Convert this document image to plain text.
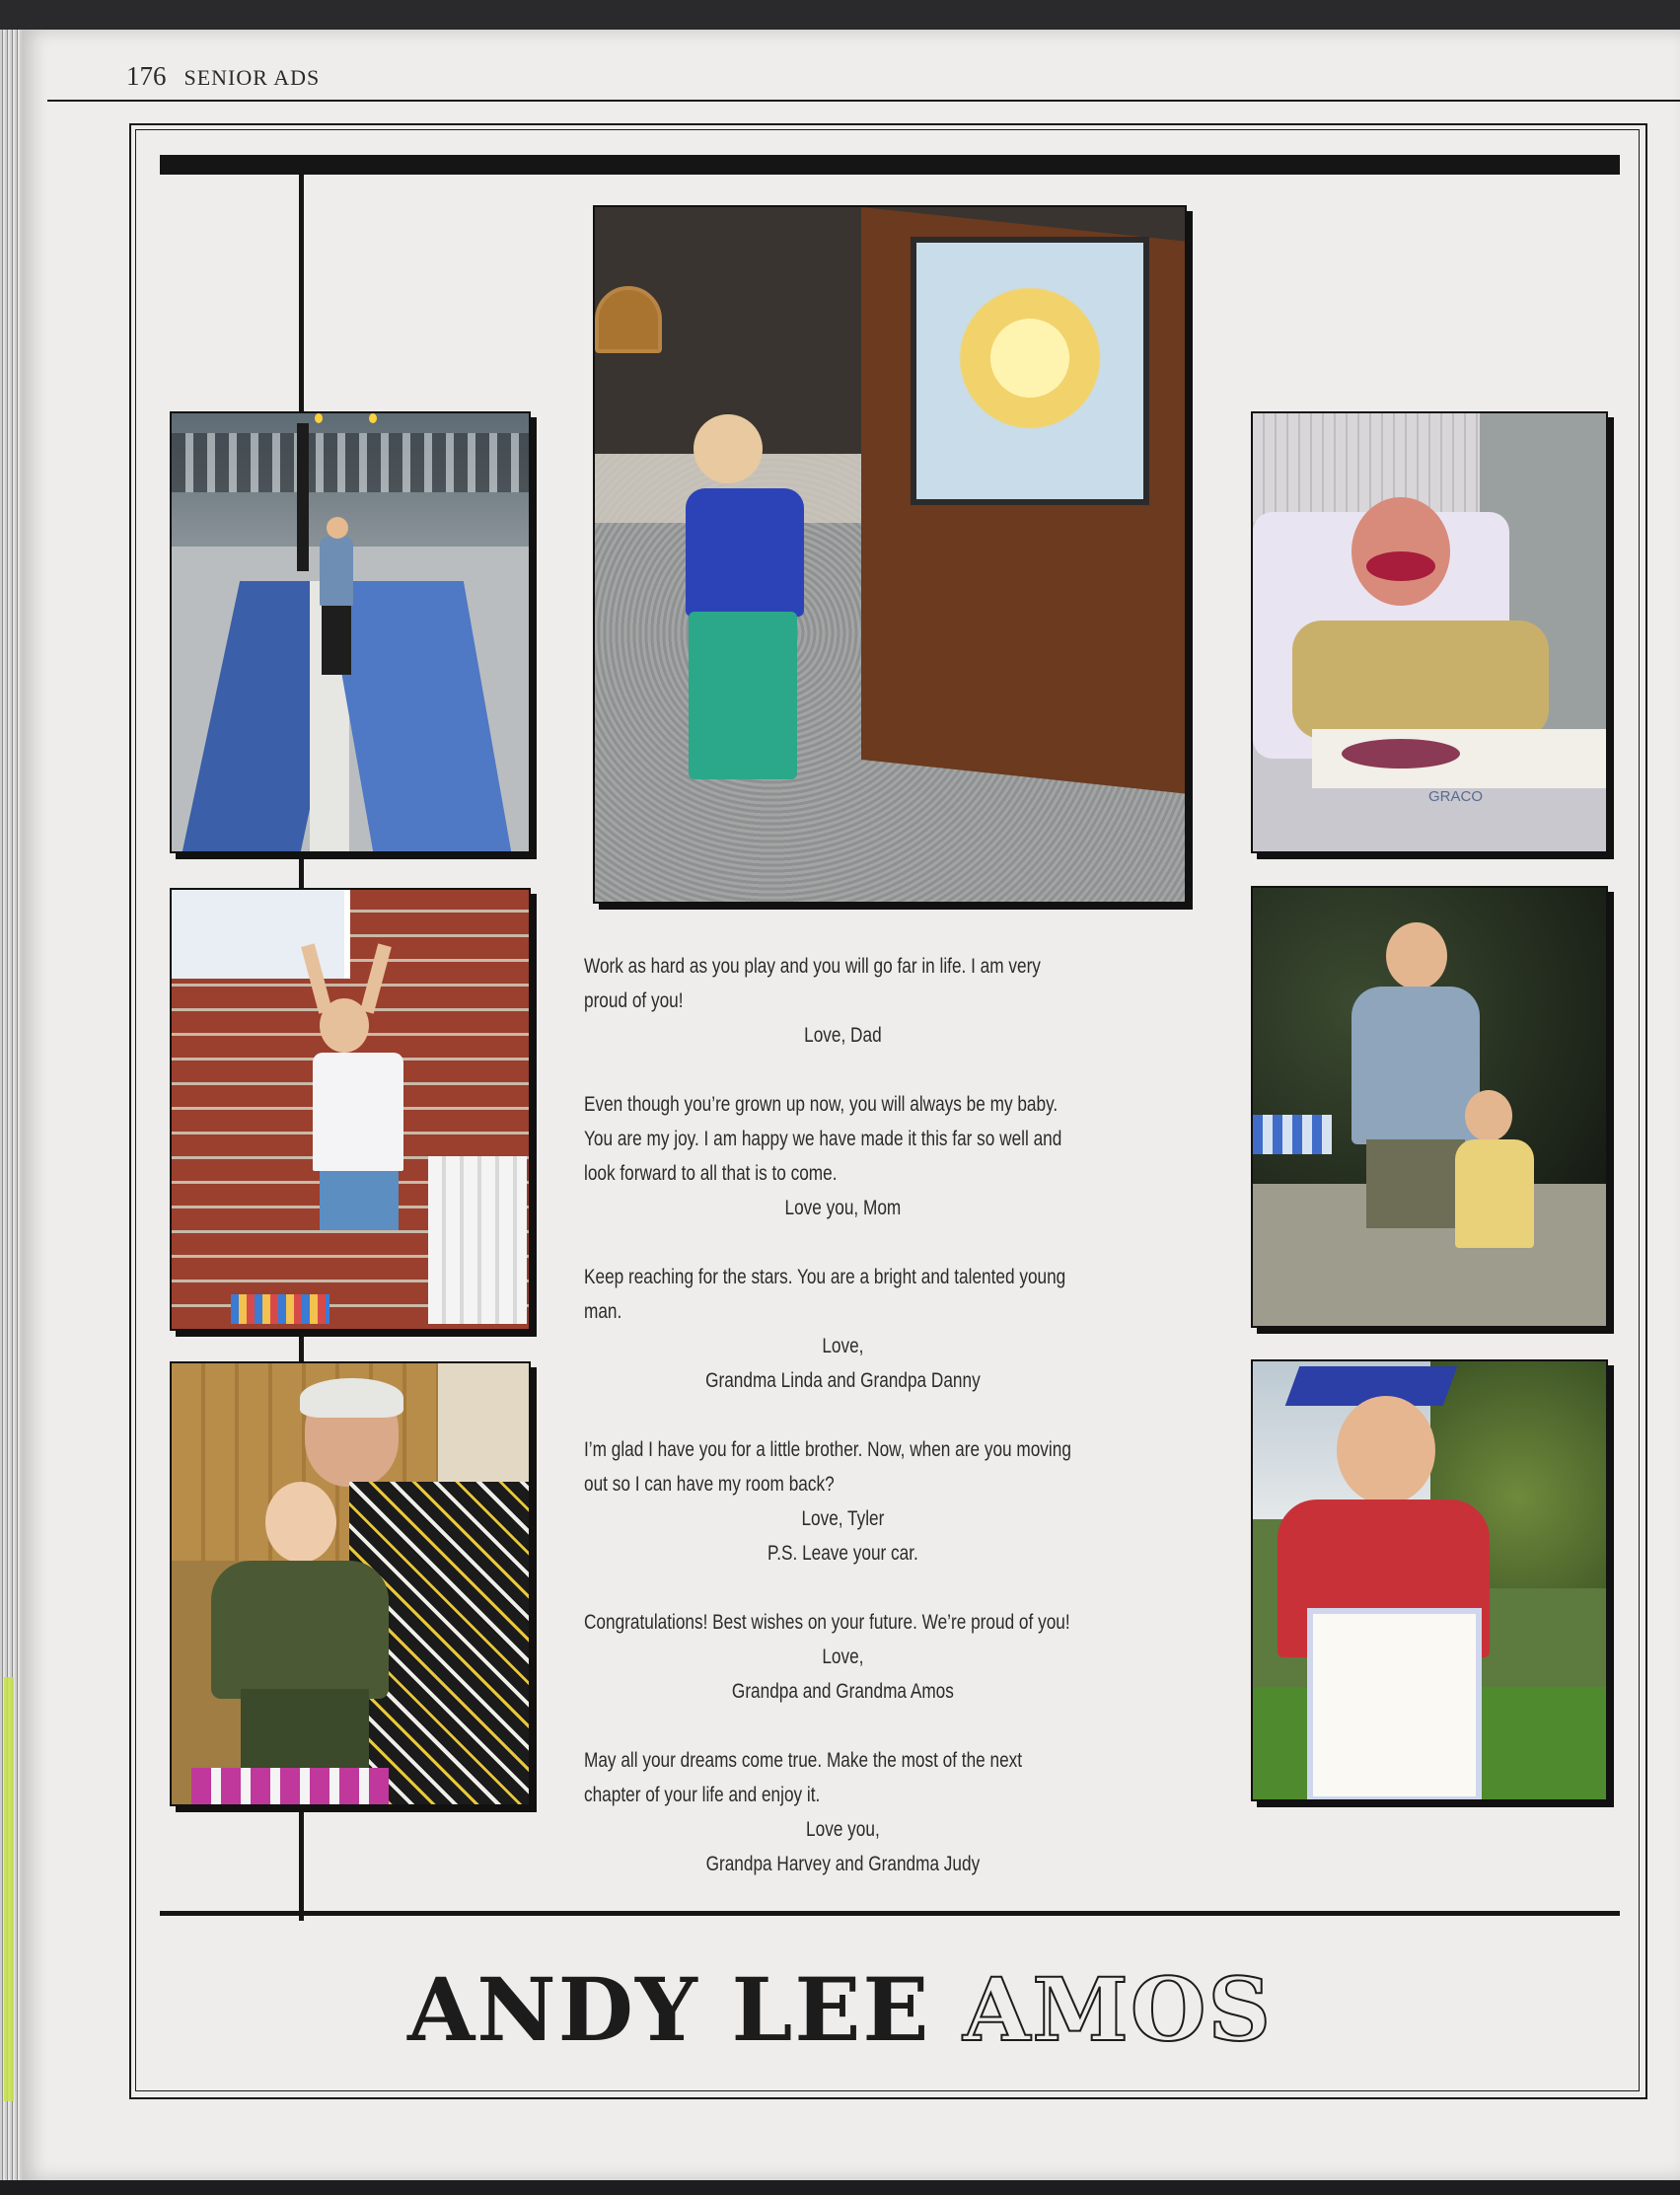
176 SENIOR ADS
GRACO
Work as hard as you play and you will go far in life. I am very
proud of you!
Love, Dad
Even though you’re grown up now, you will always be my baby.
You are my joy. I am happy we have made it this far so well and
look forward to all that is to come.
Love you, Mom
Keep reaching for the stars. You are a bright and talented young
man.
Love,
Grandma Linda and Grandpa Danny
I’m glad I have you for a little brother. Now, when are you moving
out so I can have my room back?
Love, Tyler
P.S. Leave your car.
Congratulations! Best wishes on your future. We’re proud of you!
Love,
Grandpa and Grandma Amos
May all your dreams come true. Make the most of the next
chapter of your life and enjoy it.
Love you,
Grandpa Harvey and Grandma Judy
ANDY LEE AMOS
